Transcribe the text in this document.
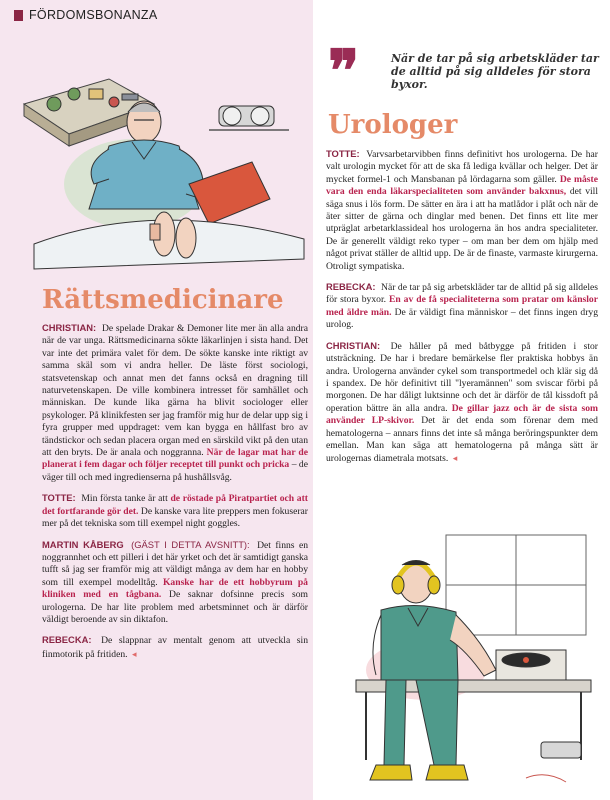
FÖRDOMSBONANZA
❞	När de tar på sig arbetskläder tar de alltid på sig alldeles för stora byxor.
Rättsmedicinare

CHRISTIAN: De spelade Drakar & Demoner lite mer än alla andra när de var unga. Rättsmedicinarna sökte läkarlinjen i sista hand. Det var inte det primära valet för dem. De sökte kanske inte riktigt av samma skäl som vi andra heller. De läste först sociologi, statsvetenskap och annat men det fanns också en dragning till naturvetenskapen. De ville kombinera intresset för samhället och människan. De kunde lika gärna ha blivit sociologer eller psykologer. På klinikfesten ser jag framför mig hur de delar upp sig i fyra grupper med uppdraget: vem kan bygga en hållfast bro av tändstickor och sedan placera organ med en särskild vikt på den utan att den bryts. De är anala och noggranna. När de lagar mat har de planerat i fem dagar och följer receptet till punkt och pricka – de väger till och med ingredienserna på hushållsvåg.

TOTTE: Min första tanke är att de röstade på Piratpartiet och att det fortfarande gör det. De kanske vara lite preppers men fokuserar mer på det tekniska som till exempel night goggles.

MARTIN KÅBERG (GÄST I DETTA AVSNITT): Det finns en noggrannhet och ett pilleri i det här yrket och det är samtidigt ganska tufft så jag ser framför mig att väldigt många av dem har en hobby som till exempel modelltåg. Kanske har de ett hobbyrum på kliniken med en tågbana. De saknar dofsinne precis som urologerna. De har lite problem med arbetsminnet och är därför väldigt beroende av sin diktafon.

REBECKA: De slappnar av mentalt genom att utveckla sin finmotorik på fritiden. ◂

Urologer

TOTTE: Varvsarbetarvibben finns definitivt hos urologerna. De har valt urologin mycket för att de ska få lediga kvällar och helger. Det är mycket formel-1 och Mansbanan på lördagarna som gäller. De måste vara den enda läkarspecialiteten som använder bakxnus, det vill säga snus i lös form. De sätter en ära i att ha matlådor i plåt och när de äter sitter de gärna och dinglar med benen. Det finns ett lite mer utpräglat arbetarklassideal hos urologerna än hos andra specialiteter. De är generellt väldigt reko typer – om man ber dem om hjälp med något privat ställer de alltid upp. De är de finaste, varmaste kirurgerna. Otroligt sympatiska.

REBECKA: När de tar på sig arbetskläder tar de alltid på sig alldeles för stora byxor. En av de få specialiteterna som pratar om känslor med äldre män. De är väldigt fina människor – det finns ingen dryg urolog.

CHRISTIAN: De håller på med båtbygge på fritiden i stor utsträckning. De har i bredare bemärkelse fler praktiska hobbys än andra. Urologerna använder cykel som transportmedel och klär sig då i spandex. De hör definitivt till "lyeramännen" som sviscar förbi på morgonen. De har dåligt luktsinne och det är därför de tål kissdoft på operation bättre än alla andra. De gillar jazz och är de sista som använder LP-skivor. Det är det enda som förenar dem med hematologerna – annars finns det inte så många beröringspunkter dem emellan. Man kan säga att hematologerna på många sätt är urologernas diametrala motsats. ◂
